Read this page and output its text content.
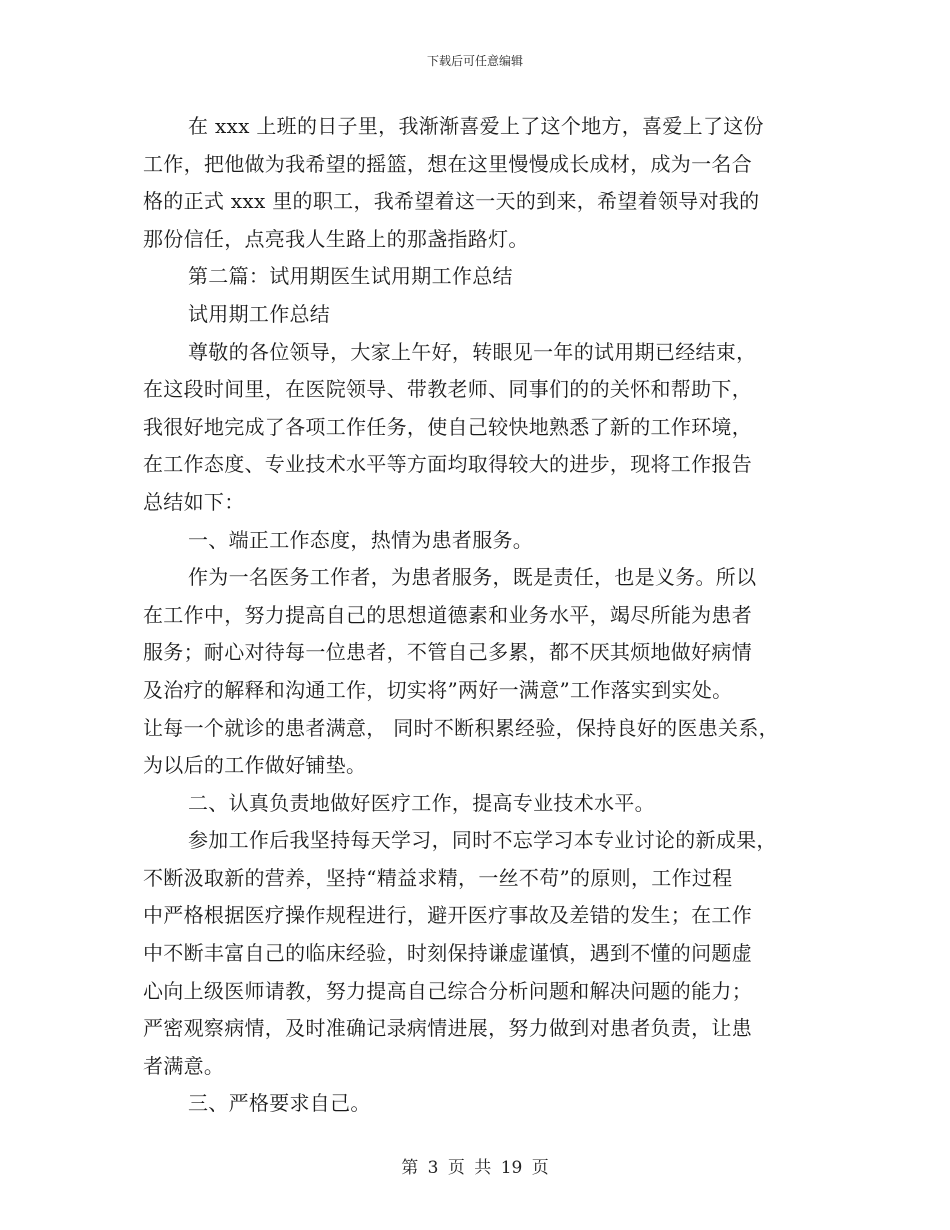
下载后可任意编辑
在 xxx 上班的日子里，我渐渐喜爱上了这个地方，喜爱上了这份
工作，把他做为我希望的摇篮，想在这里慢慢成长成材，成为一名合
格的正式 xxx 里的职工，我希望着这一天的到来，希望着领导对我的
那份信任，点亮我人生路上的那盏指路灯。
第二篇：试用期医生试用期工作总结
试用期工作总结
尊敬的各位领导，大家上午好，转眼见一年的试用期已经结束，
在这段时间里，在医院领导、带教老师、同事们的的关怀和帮助下，
我很好地完成了各项工作任务，使自己较快地熟悉了新的工作环境，
在工作态度、专业技术水平等方面均取得较大的进步，现将工作报告
总结如下：
一、端正工作态度，热情为患者服务。
作为一名医务工作者，为患者服务，既是责任，也是义务。所以
在工作中，努力提高自己的思想道德素和业务水平，竭尽所能为患者
服务；耐心对待每一位患者，不管自己多累，都不厌其烦地做好病情
及治疗的解释和沟通工作，切实将”两好一满意”工作落实到实处。
让每一个就诊的患者满意， 同时不断积累经验，保持良好的医患关系，
为以后的工作做好铺垫。
二、认真负责地做好医疗工作，提高专业技术水平。
参加工作后我坚持每天学习，同时不忘学习本专业讨论的新成果，
不断汲取新的营养，坚持“精益求精，一丝不苟”的原则，工作过程
中严格根据医疗操作规程进行，避开医疗事故及差错的发生；在工作
中不断丰富自己的临床经验，时刻保持谦虚谨慎，遇到不懂的问题虚
心向上级医师请教，努力提高自己综合分析问题和解决问题的能力；
严密观察病情，及时准确记录病情进展，努力做到对患者负责，让患
者满意。
三、严格要求自己。
第 3 页 共 19 页
